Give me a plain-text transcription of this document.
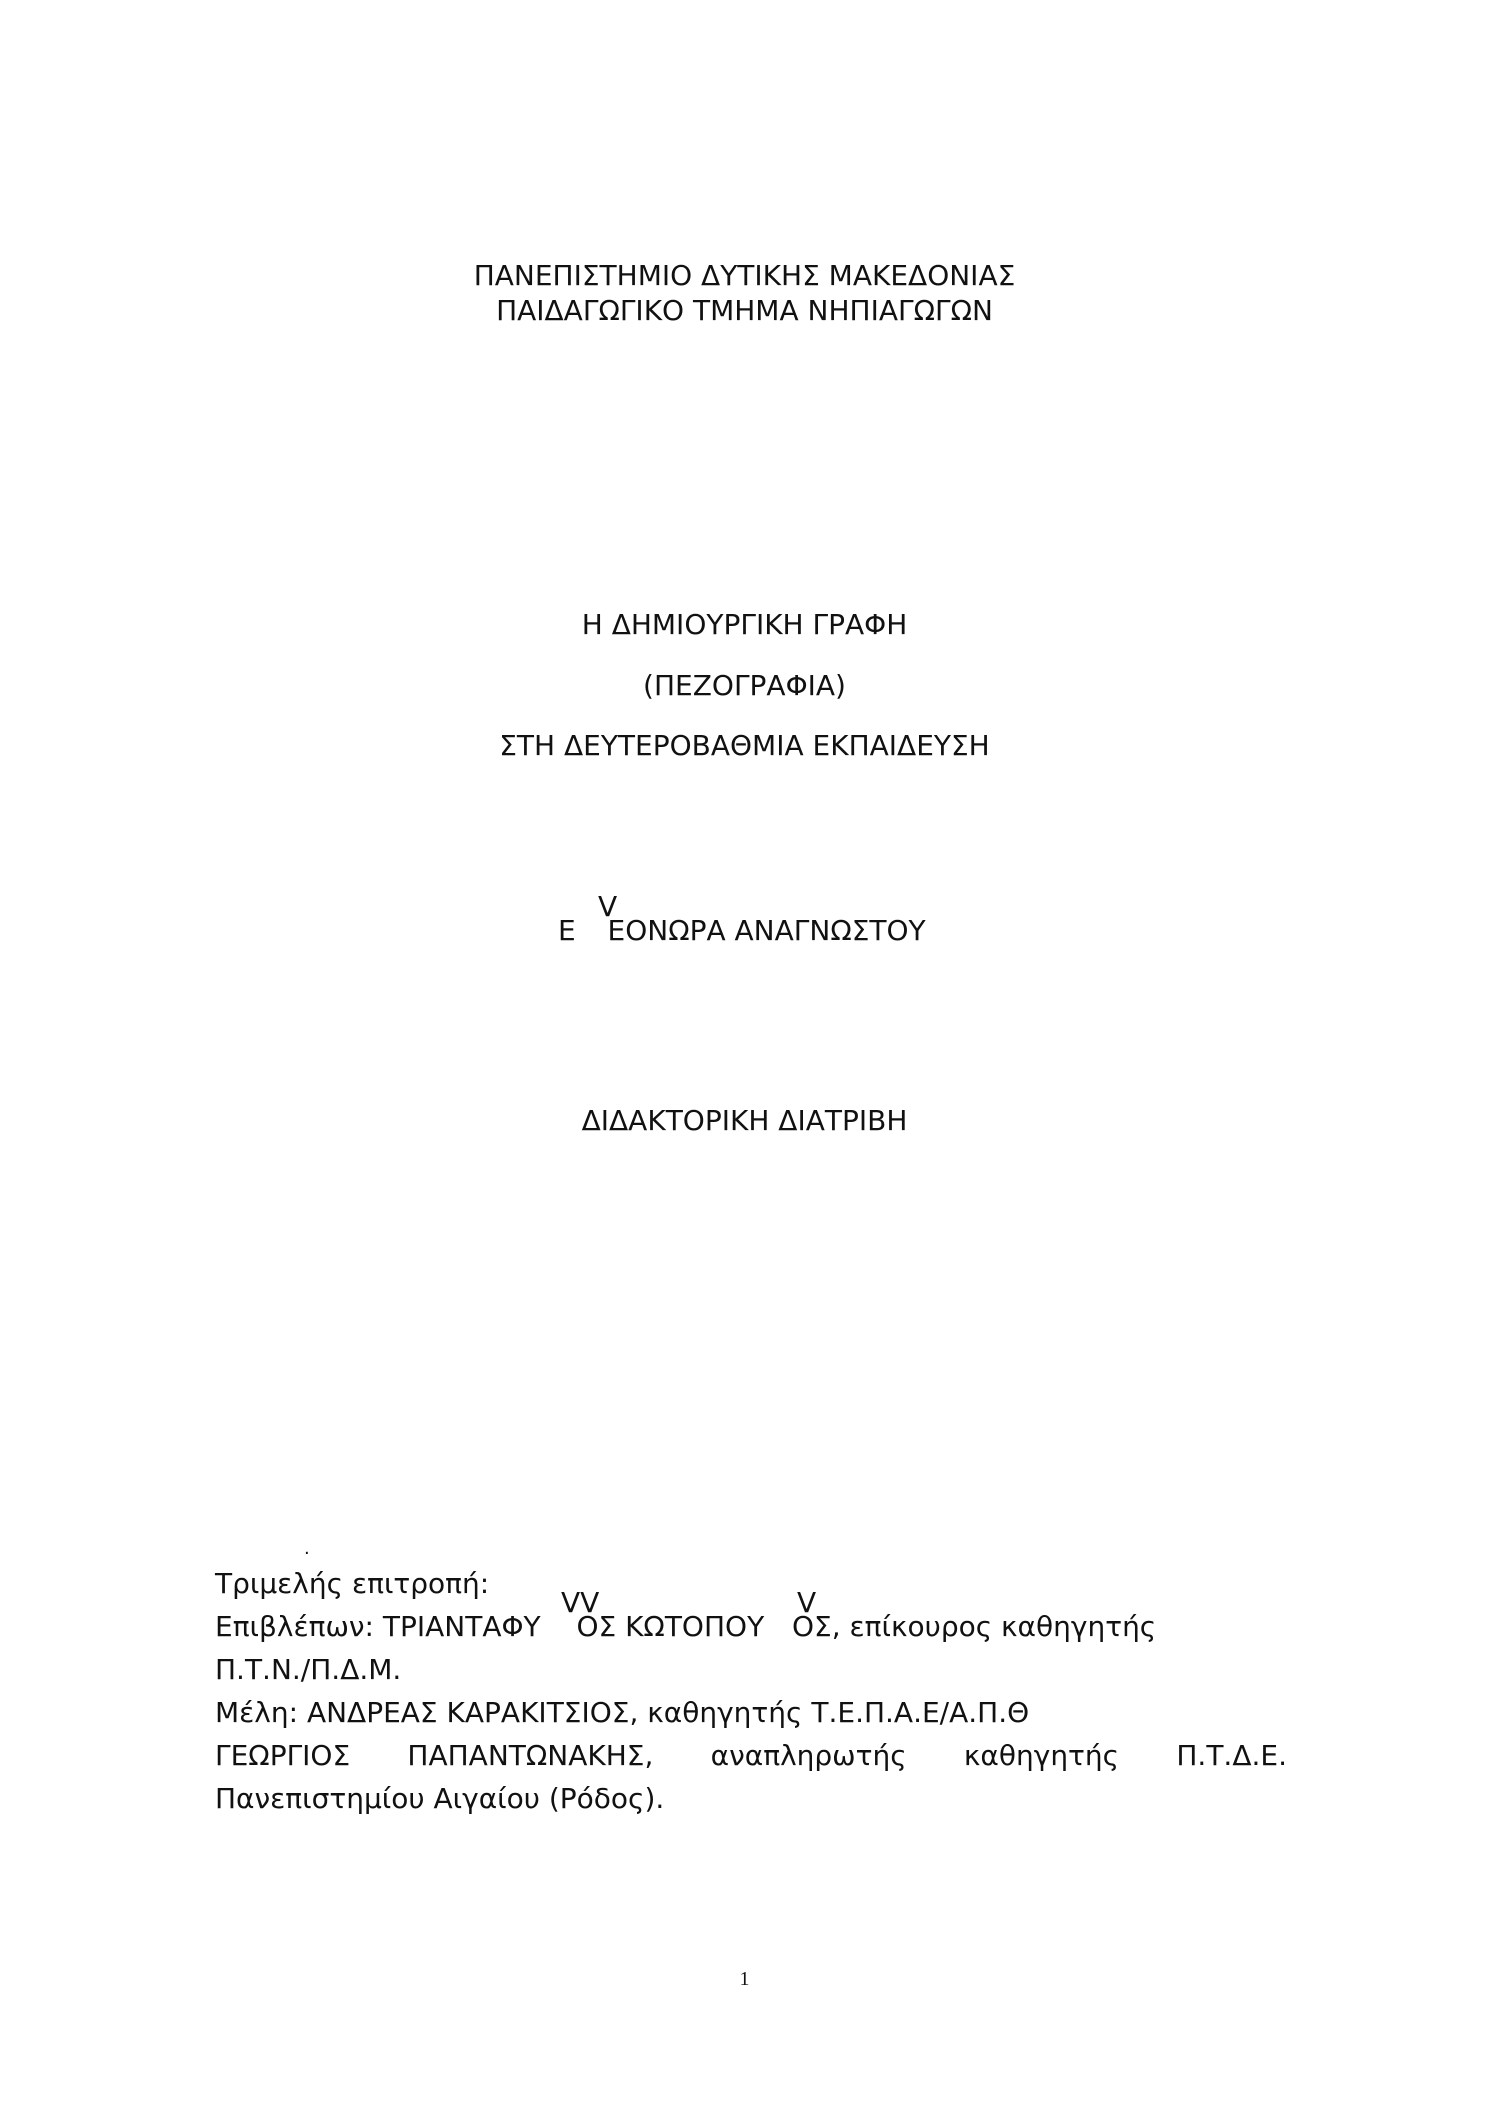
ΠΑΝΕΠΙΣΤΗΜΙΟ ΔΥΤΙΚΗΣ ΜΑΚΕΔΟΝΙΑΣ
ΠΑΙΔΑΓΩΓΙΚΟ ΤΜΗΜΑ ΝΗΠΙΑΓΩΓΩΝ
Η ΔΗΜΙΟΥΡΓΙΚΗ ΓΡΑΦΗ
(ΠΕΖΟΓΡΑΦΙΑ)
ΣΤΗ ΔΕΥΤΕΡΟΒΑΘΜΙΑ ΕΚΠΑΙΔΕΥΣΗ
Ε ΕΟΝΩΡΑ ΑΝΑΓΝΩΣΤΟΥ
V
ΔΙΔΑΚΤΟΡΙΚΗ ΔΙΑΤΡΙΒΗ
.
Τριμελής επιτροπή:
VV	V
Επιβλέπων: ΤΡΙΑΝΤΑΦΥ ΟΣ ΚΩΤΟΠΟΥ ΟΣ, επίκουρος καθηγητής
Π.Τ.Ν./Π.Δ.Μ.
Μέλη: ΑΝΔΡΕΑΣ ΚΑΡΑΚΙΤΣΙΟΣ, καθηγητής Τ.Ε.Π.Α.Ε/Α.Π.Θ
ΓΕΩΡΓΙΟΣ ΠΑΠΑΝΤΩΝΑΚΗΣ, αναπληρωτής καθηγητής Π.Τ.Δ.Ε.
Πανεπιστημίου Αιγαίου (Ρόδος).
1
